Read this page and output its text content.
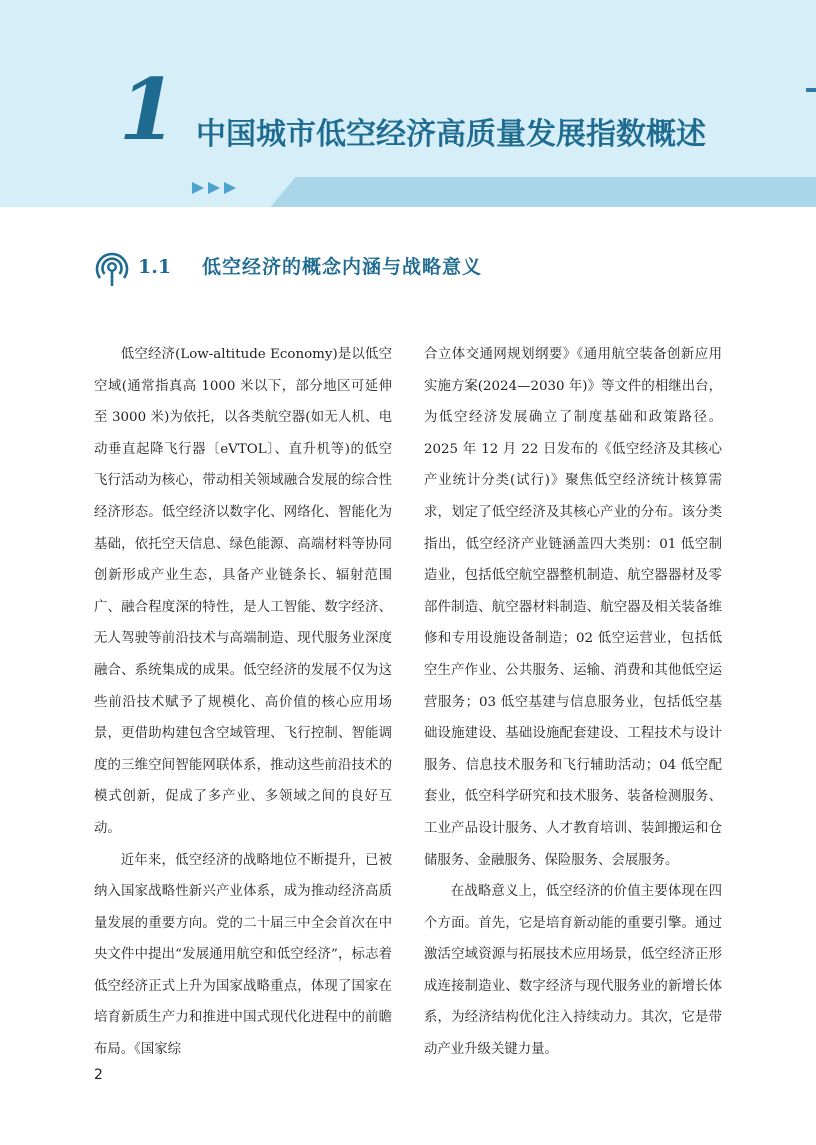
1 中国城市低空经济高质量发展指数概述
1.1 低空经济的概念内涵与战略意义

低空经济(Low-altitude Economy)是以低空空域(通常指真高 1000 米以下，部分地区可延伸至 3000 米)为依托，以各类航空器(如无人机、电动垂直起降飞行器〔eVTOL〕、直升机等)的低空飞行活动为核心，带动相关领域融合发展的综合性经济形态。低空经济以数字化、网络化、智能化为基础，依托空天信息、绿色能源、高端材料等协同创新形成产业生态，具备产业链条长、辐射范围广、融合程度深的特性，是人工智能、数字经济、无人驾驶等前沿技术与高端制造、现代服务业深度融合、系统集成的成果。低空经济的发展不仅为这些前沿技术赋予了规模化、高价值的核心应用场景，更借助构建包含空域管理、飞行控制、智能调度的三维空间智能网联体系，推动这些前沿技术的模式创新，促成了多产业、多领域之间的良好互动。

近年来，低空经济的战略地位不断提升，已被纳入国家战略性新兴产业体系，成为推动经济高质量发展的重要方向。党的二十届三中全会首次在中央文件中提出“发展通用航空和低空经济”，标志着低空经济正式上升为国家战略重点，体现了国家在培育新质生产力和推进中国式现代化进程中的前瞻布局。《国家综

合立体交通网规划纲要》《通用航空装备创新应用实施方案(2024—2030 年)》等文件的相继出台，为低空经济发展确立了制度基础和政策路径。2025 年 12 月 22 日发布的《低空经济及其核心产业统计分类(试行)》聚焦低空经济统计核算需求，划定了低空经济及其核心产业的分布。该分类指出，低空经济产业链涵盖四大类别：01 低空制造业，包括低空航空器整机制造、航空器器材及零部件制造、航空器材料制造、航空器及相关装备维修和专用设施设备制造；02 低空运营业，包括低空生产作业、公共服务、运输、消费和其他低空运营服务；03 低空基建与信息服务业，包括低空基础设施建设、基础设施配套建设、工程技术与设计服务、信息技术服务和飞行辅助活动；04 低空配套业，低空科学研究和技术服务、装备检测服务、工业产品设计服务、人才教育培训、装卸搬运和仓储服务、金融服务、保险服务、会展服务。

在战略意义上，低空经济的价值主要体现在四个方面。首先，它是培育新动能的重要引擎。通过激活空域资源与拓展技术应用场景，低空经济正形成连接制造业、数字经济与现代服务业的新增长体系，为经济结构优化注入持续动力。其次，它是带动产业升级关键力量。

2
